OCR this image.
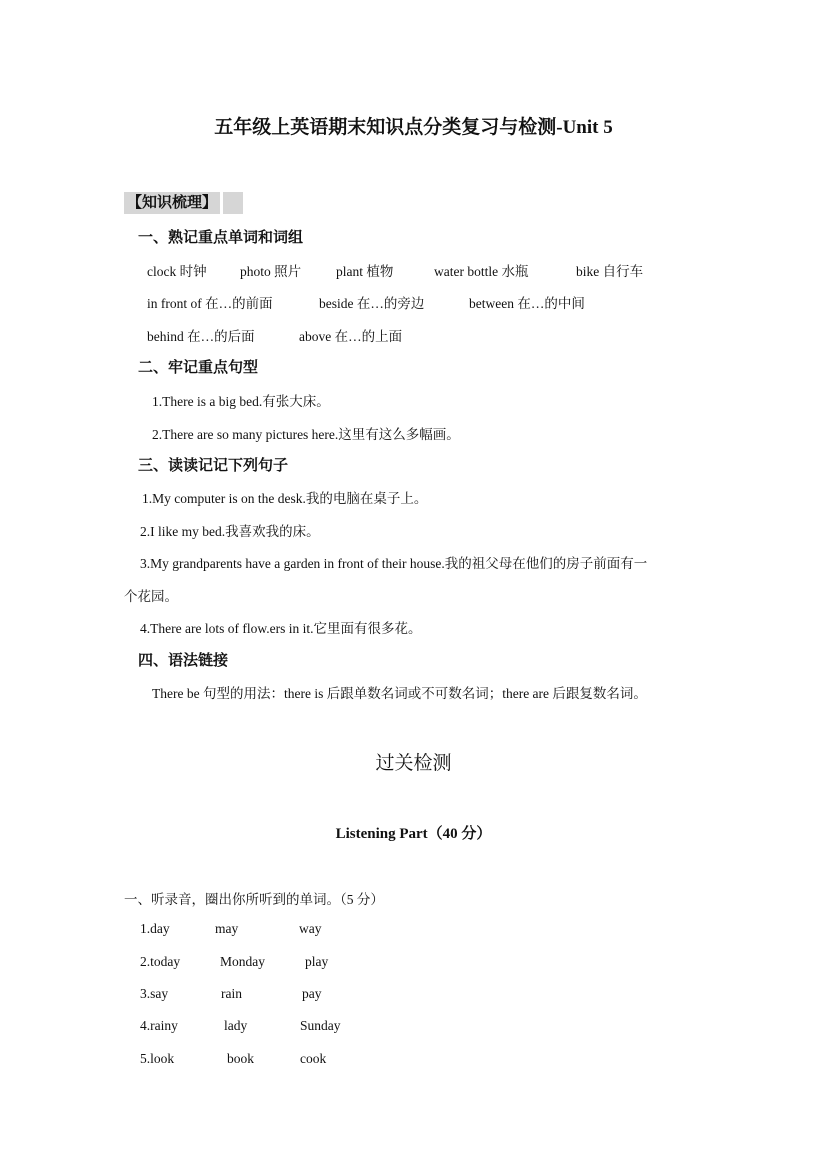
五年级上英语期末知识点分类复习与检测-Unit 5
【知识梳理】
一、熟记重点单词和词组
clock 时钟 photo 照片	plant 植物	water bottle 水瓶	bike 自行车
in front of 在…的前面	beside 在…的旁边	between 在…的中间
behind 在…的后面	above 在…的上面
二、牢记重点句型
1.There is a big bed.有张大床。
2.There are so many pictures here.这里有这么多幅画。
三、读读记记下列句子
1.My computer is on the desk.我的电脑在桌子上。
2.I like my bed.我喜欢我的床。
3.My grandparents have a garden in front of their house.我的祖父母在他们的房子前面有一
个花园。
4.There are lots of flow.ers in it.它里面有很多花。
四、语法链接
There be 句型的用法：there is 后跟单数名词或不可数名词；there are 后跟复数名词。
过关检测
Listening Part（40 分）
一、听录音，圈出你所听到的单词。（5 分）
1.day	may	way
2.today	Monday	play
3.say	rain	pay
4.rainy	lady	Sunday
5.look	book	cook
